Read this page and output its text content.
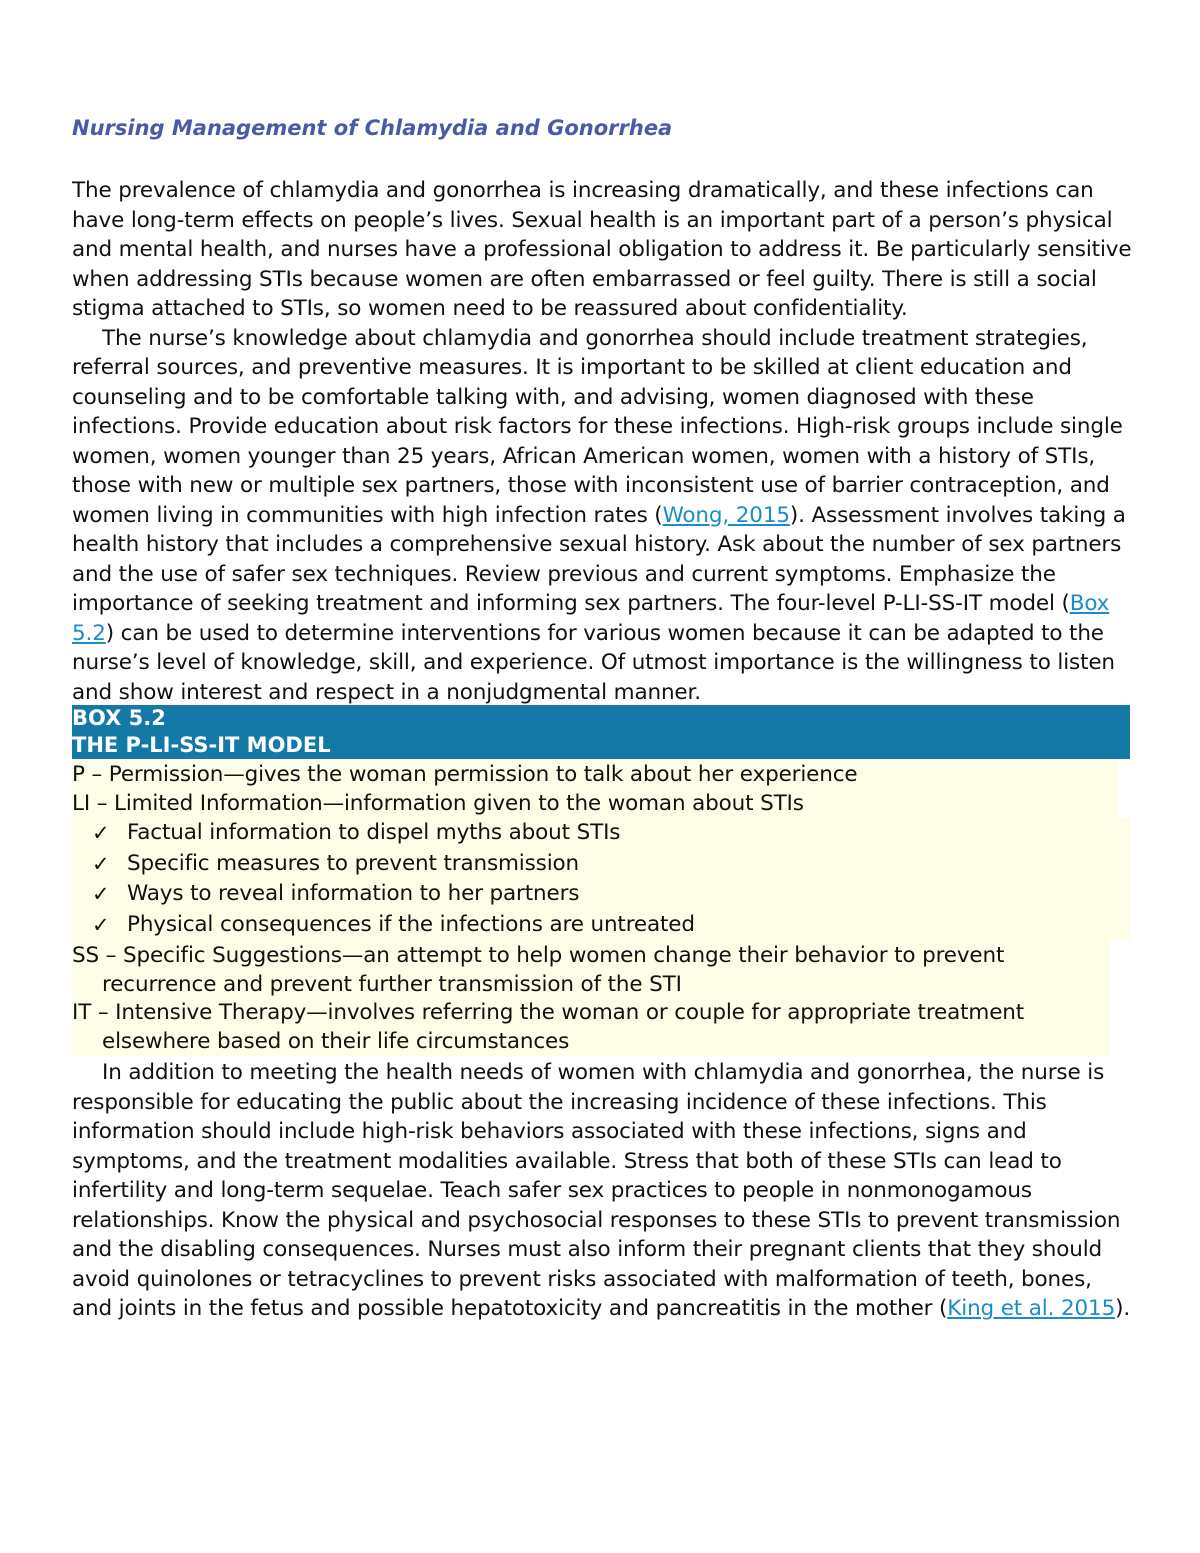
Nursing Management of Chlamydia and Gonorrhea

The prevalence of chlamydia and gonorrhea is increasing dramatically, and these infections can have long-term effects on people’s lives. Sexual health is an important part of a person’s physical and mental health, and nurses have a professional obligation to address it. Be particularly sensitive when addressing STIs because women are often embarrassed or feel guilty. There is still a social stigma attached to STIs, so women need to be reassured about confidentiality.

The nurse’s knowledge about chlamydia and gonorrhea should include treatment strategies, referral sources, and preventive measures. It is important to be skilled at client education and counseling and to be comfortable talking with, and advising, women diagnosed with these infections. Provide education about risk factors for these infections. High-risk groups include single women, women younger than 25 years, African American women, women with a history of STIs, those with new or multiple sex partners, those with inconsistent use of barrier contraception, and women living in communities with high infection rates (Wong, 2015). Assessment involves taking a health history that includes a comprehensive sexual history. Ask about the number of sex partners and the use of safer sex techniques. Review previous and current symptoms. Emphasize the importance of seeking treatment and informing sex partners. The four-level P-LI-SS-IT model (Box 5.2) can be used to determine interventions for various women because it can be adapted to the nurse’s level of knowledge, skill, and experience. Of utmost importance is the willingness to listen and show interest and respect in a nonjudgmental manner.

BOX 5.2
THE P-LI-SS-IT MODEL
P – Permission—gives the woman permission to talk about her experience
LI – Limited Information—information given to the woman about STIs
✓ Factual information to dispel myths about STIs
✓ Specific measures to prevent transmission
✓ Ways to reveal information to her partners
✓ Physical consequences if the infections are untreated
SS – Specific Suggestions—an attempt to help women change their behavior to prevent recurrence and prevent further transmission of the STI
IT – Intensive Therapy—involves referring the woman or couple for appropriate treatment elsewhere based on their life circumstances

In addition to meeting the health needs of women with chlamydia and gonorrhea, the nurse is responsible for educating the public about the increasing incidence of these infections. This information should include high-risk behaviors associated with these infections, signs and symptoms, and the treatment modalities available. Stress that both of these STIs can lead to infertility and long-term sequelae. Teach safer sex practices to people in nonmonogamous relationships. Know the physical and psychosocial responses to these STIs to prevent transmission and the disabling consequences. Nurses must also inform their pregnant clients that they should avoid quinolones or tetracyclines to prevent risks associated with malformation of teeth, bones, and joints in the fetus and possible hepatotoxicity and pancreatitis in the mother (King et al. 2015).
